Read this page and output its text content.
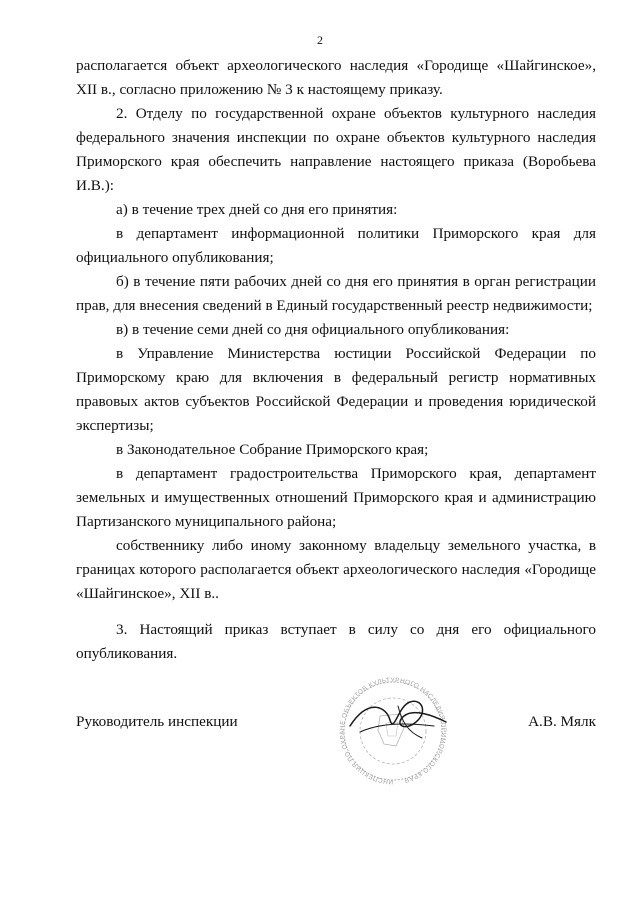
2

располагается объект археологического наследия «Городище «Шайгинское», XII в., согласно приложению № 3 к настоящему приказу.

2. Отделу по государственной охране объектов культурного наследия федерального значения инспекции по охране объектов культурного наследия Приморского края обеспечить направление настоящего приказа (Воробьева И.В.):

а) в течение трех дней со дня его принятия:

в департамент информационной политики Приморского края для официального опубликования;

б) в течение пяти рабочих дней со дня его принятия в орган регистрации прав, для внесения сведений в Единый государственный реестр недвижимости;

в) в течение семи дней со дня официального опубликования:

в Управление Министерства юстиции Российской Федерации по Приморскому краю для включения в федеральный регистр нормативных правовых актов субъектов Российской Федерации и проведения юридической экспертизы;

в Законодательное Собрание Приморского края;

в департамент градостроительства Приморского края, департамент земельных и имущественных отношений Приморского края и администрацию Партизанского муниципального района;

собственнику либо иному законному владельцу земельного участка, в границах которого располагается объект археологического наследия «Городище «Шайгинское», XII в..

3. Настоящий приказ вступает в силу со дня его официального опубликования.

Руководитель инспекции	А.В. Мялк
ИНСПЕКЦИЯ ПО ОХРАНЕ ОБЪЕКТОВ КУЛЬТУРНОГО НАСЛЕДИЯ ПРИМОРСКОГО КРАЯ
